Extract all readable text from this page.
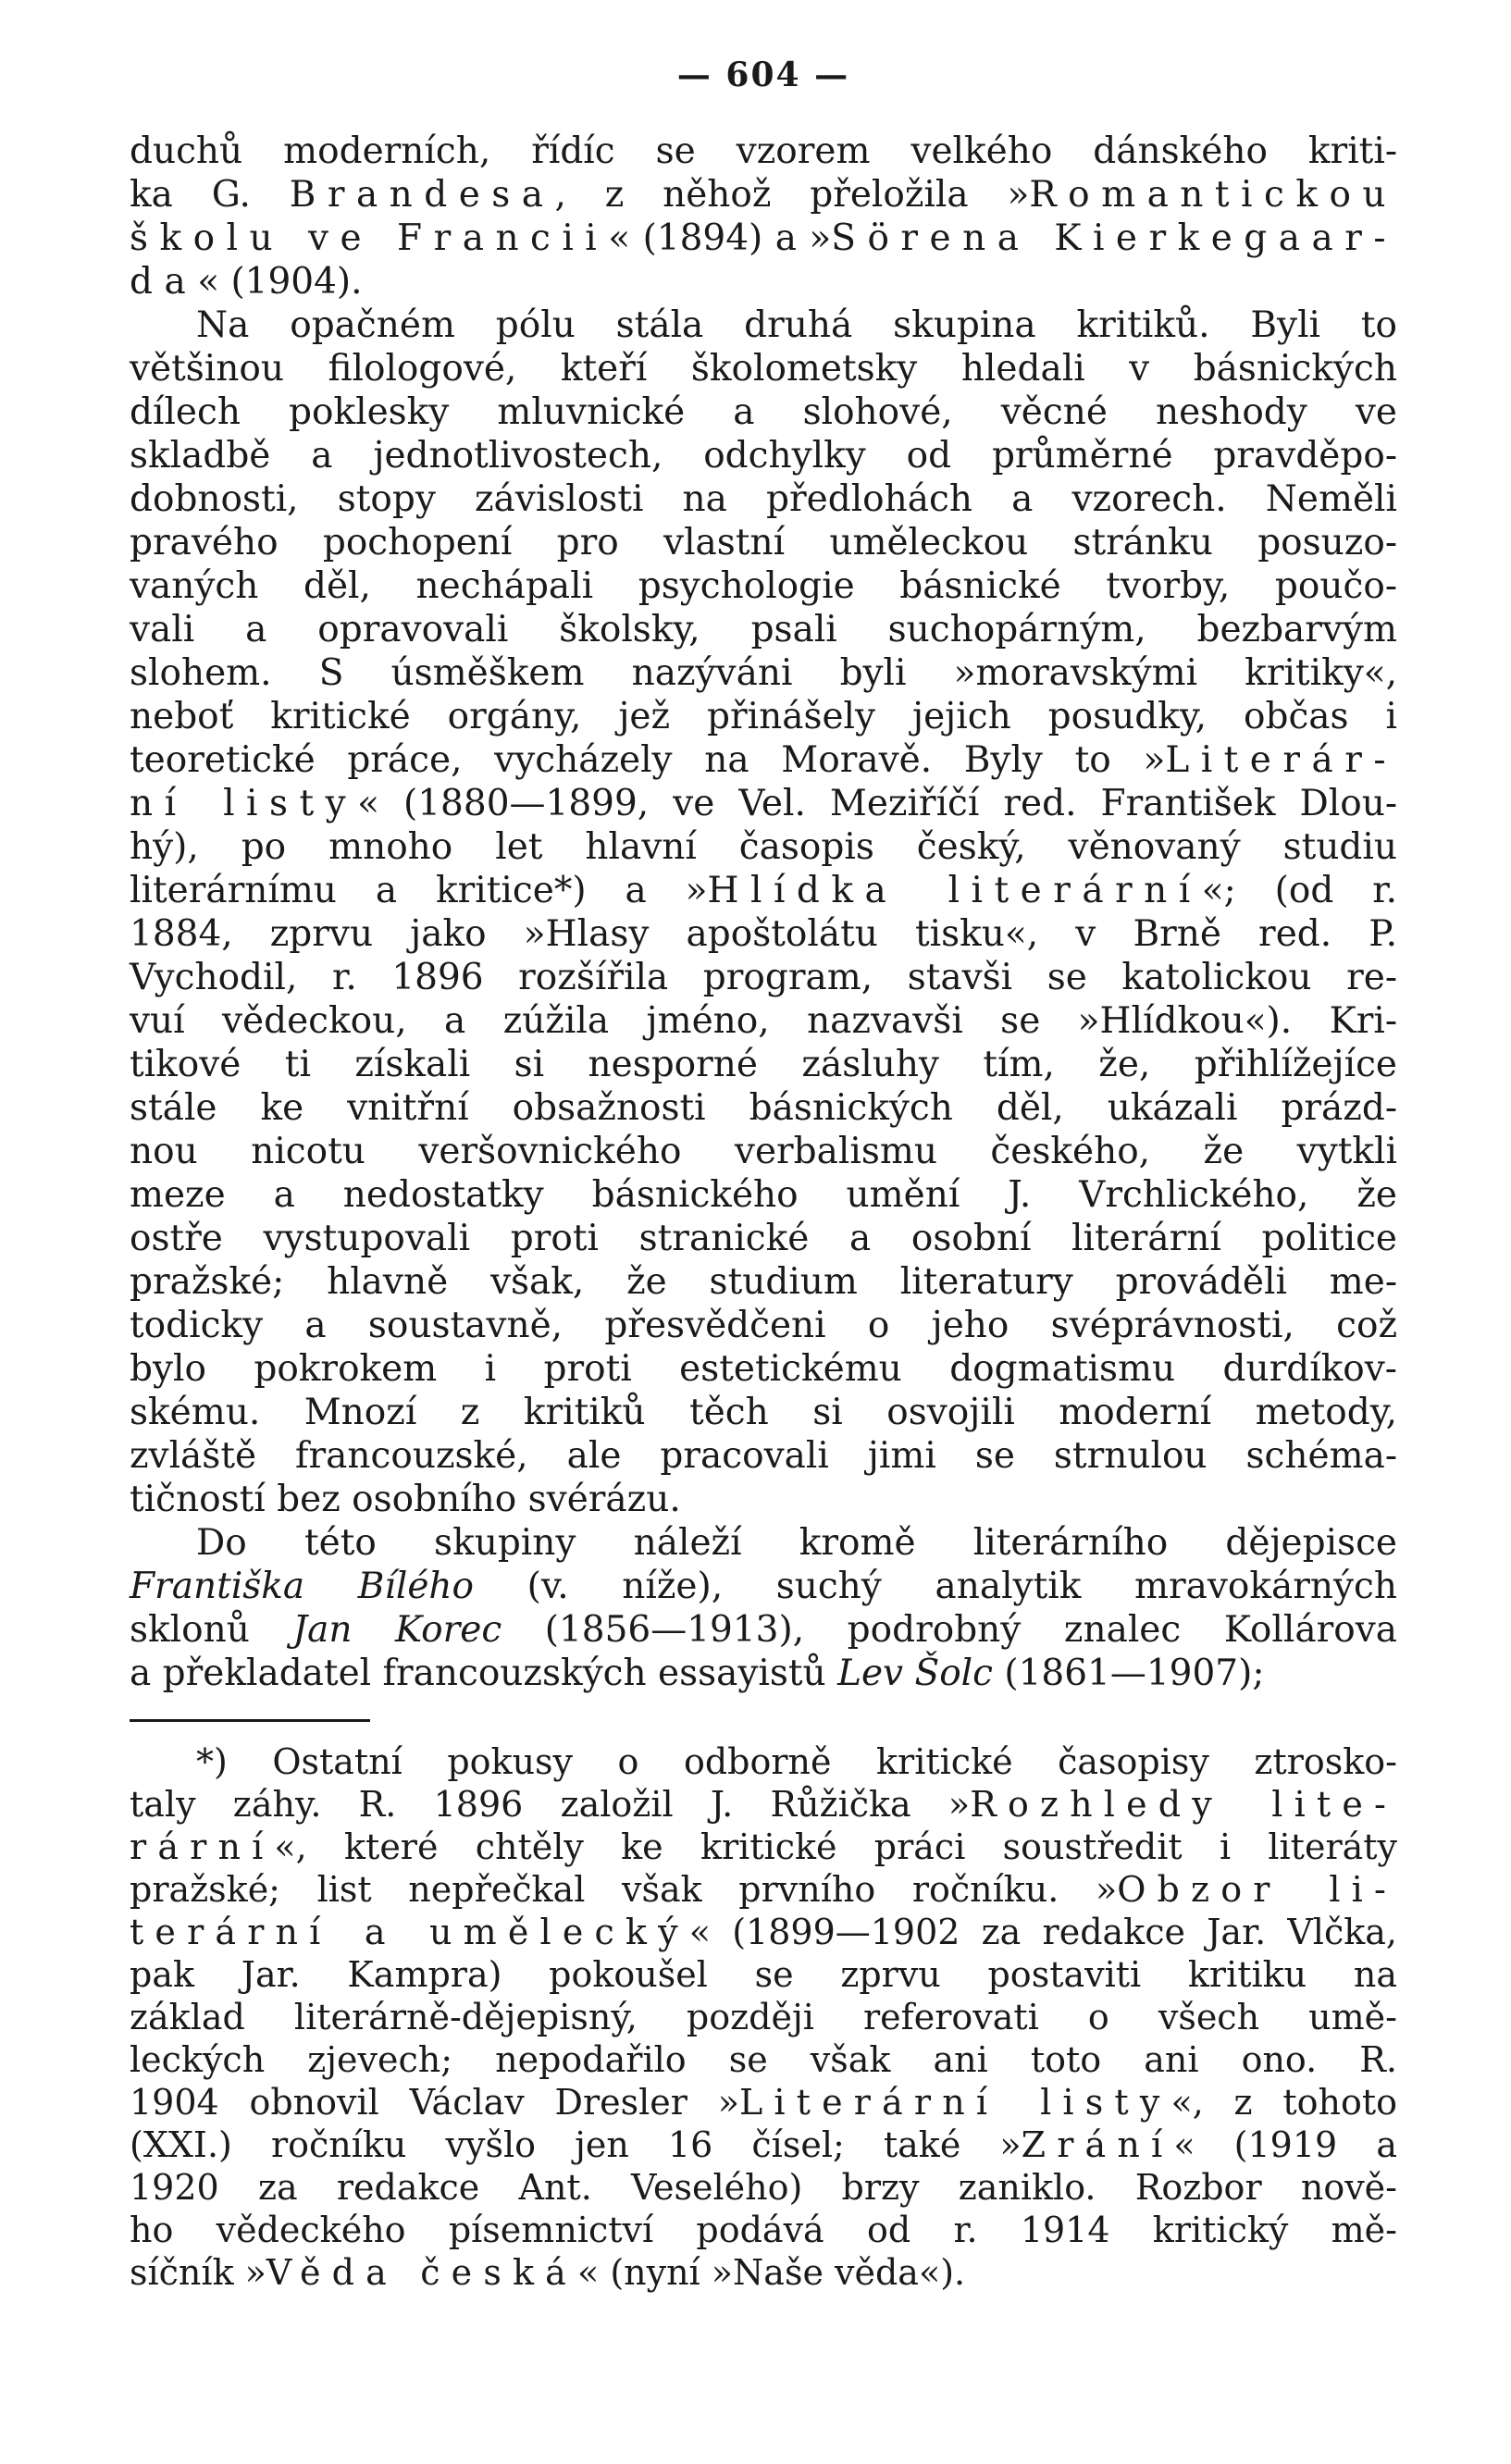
— 604 —
duchů moderních, řídíc se vzorem velkého dánského kriti-
ka G. Brandesa, z něhož přeložila »Romantickou
školu ve Francii« (1894) a »Sörena Kierkegaar-
da« (1904).
Na opačném pólu stála druhá skupina kritiků. Byli to
většinou filologové, kteří školometsky hledali v básnických
dílech poklesky mluvnické a slohové, věcné neshody ve
skladbě a jednotlivostech, odchylky od průměrné pravděpo-
dobnosti, stopy závislosti na předlohách a vzorech. Neměli
pravého pochopení pro vlastní uměleckou stránku posuzo-
vaných děl, nechápali psychologie básnické tvorby, poučo-
vali a opravovali školsky, psali suchopárným, bezbarvým
slohem. S úsměškem nazýváni byli »moravskými kritiky«,
neboť kritické orgány, jež přinášely jejich posudky, občas i
teoretické práce, vycházely na Moravě. Byly to »Literár-
ní listy« (1880—1899, ve Vel. Meziříčí red. František Dlou-
hý), po mnoho let hlavní časopis český, věnovaný studiu
literárnímu a kritice*) a »Hlídka literární«; (od r.
1884, zprvu jako »Hlasy apoštolátu tisku«, v Brně red. P.
Vychodil, r. 1896 rozšířila program, stavši se katolickou re-
vuí vědeckou, a zúžila jméno, nazvavši se »Hlídkou«). Kri-
tikové ti získali si nesporné zásluhy tím, že, přihlížejíce
stále ke vnitřní obsažnosti básnických děl, ukázali prázd-
nou nicotu veršovnického verbalismu českého, že vytkli
meze a nedostatky básnického umění J. Vrchlického, že
ostře vystupovali proti stranické a osobní literární politice
pražské; hlavně však, že studium literatury prováděli me-
todicky a soustavně, přesvědčeni o jeho svéprávnosti, což
bylo pokrokem i proti estetickému dogmatismu durdíkov-
skému. Mnozí z kritiků těch si osvojili moderní metody,
zvláště francouzské, ale pracovali jimi se strnulou schéma-
tičností bez osobního svérázu.
Do této skupiny náleží kromě literárního dějepisce
Františka Bílého (v. níže), suchý analytik mravokárných
sklonů Jan Korec (1856—1913), podrobný znalec Kollárova
a překladatel francouzských essayistů Lev Šolc (1861—1907);
*) Ostatní pokusy o odborně kritické časopisy ztrosko-
taly záhy. R. 1896 založil J. Růžička »Rozhledy lite-
rární«, které chtěly ke kritické práci soustředit i literáty
pražské; list nepřečkal však prvního ročníku. »Obzor li-
terární a umělecký« (1899—1902 za redakce Jar. Vlčka,
pak Jar. Kampra) pokoušel se zprvu postaviti kritiku na
základ literárně-dějepisný, později referovati o všech umě-
leckých zjevech; nepodařilo se však ani toto ani ono. R.
1904 obnovil Václav Dresler »Literární listy«, z tohoto
(XXI.) ročníku vyšlo jen 16 čísel; také »Zrání« (1919 a
1920 za redakce Ant. Veselého) brzy zaniklo. Rozbor nově-
ho vědeckého písemnictví podává od r. 1914 kritický mě-
síčník »Věda česká« (nyní »Naše věda«).
